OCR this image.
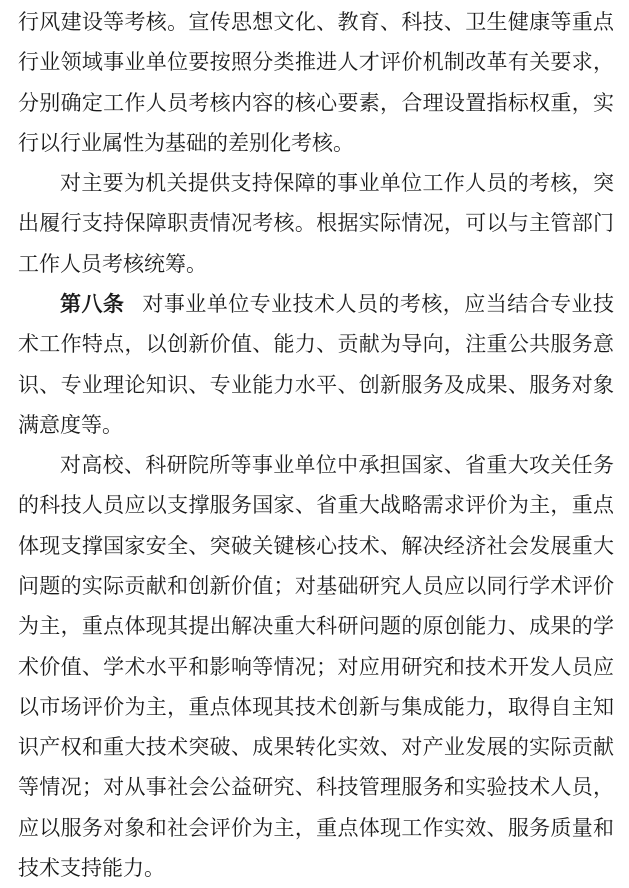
行风建设等考核。宣传思想文化、教育、科技、卫生健康等重点
行业领域事业单位要按照分类推进人才评价机制改革有关要求，
分别确定工作人员考核内容的核心要素，合理设置指标权重，实
行以行业属性为基础的差别化考核。
对主要为机关提供支持保障的事业单位工作人员的考核，突
出履行支持保障职责情况考核。根据实际情况，可以与主管部门
工作人员考核统筹。
第八条 对事业单位专业技术人员的考核，应当结合专业技
术工作特点，以创新价值、能力、贡献为导向，注重公共服务意
识、专业理论知识、专业能力水平、创新服务及成果、服务对象
满意度等。
对高校、科研院所等事业单位中承担国家、省重大攻关任务
的科技人员应以支撑服务国家、省重大战略需求评价为主，重点
体现支撑国家安全、突破关键核心技术、解决经济社会发展重大
问题的实际贡献和创新价值；对基础研究人员应以同行学术评价
为主，重点体现其提出解决重大科研问题的原创能力、成果的学
术价值、学术水平和影响等情况；对应用研究和技术开发人员应
以市场评价为主，重点体现其技术创新与集成能力，取得自主知
识产权和重大技术突破、成果转化实效、对产业发展的实际贡献
等情况；对从事社会公益研究、科技管理服务和实验技术人员，
应以服务对象和社会评价为主，重点体现工作实效、服务质量和
技术支持能力。
